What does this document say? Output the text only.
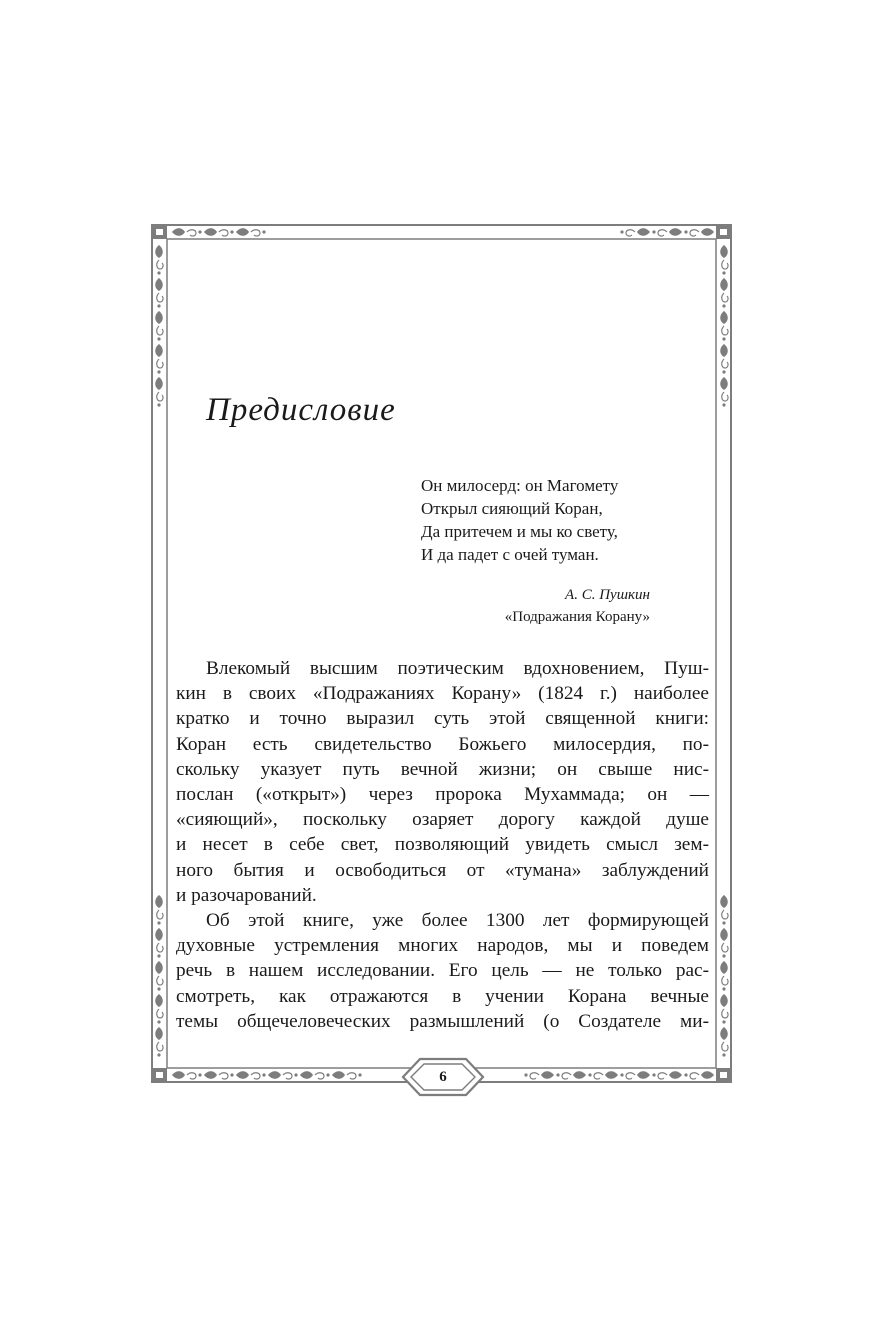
Предисловие
Он милосерд: он Магомету
Открыл сияющий Коран,
Да притечем и мы ко свету,
И да падет с очей туман.
А. С. Пушкин
«Подражания Корану»
Влекомый высшим поэтическим вдохновением, Пуш-
кин в своих «Подражаниях Корану» (1824 г.) наиболее
кратко и точно выразил суть этой священной книги:
Коран есть свидетельство Божьего милосердия, по-
скольку указует путь вечной жизни; он свыше нис-
послан («открыт») через пророка Мухаммада; он —
«сияющий», поскольку озаряет дорогу каждой душе
и несет в себе свет, позволяющий увидеть смысл зем-
ного бытия и освободиться от «тумана» заблуждений
и разочарований.
Об этой книге, уже более 1300 лет формирующей
духовные устремления многих народов, мы и поведем
речь в нашем исследовании. Его цель — не только рас-
смотреть, как отражаются в учении Корана вечные
темы общечеловеческих размышлений (о Создателе ми-
6
